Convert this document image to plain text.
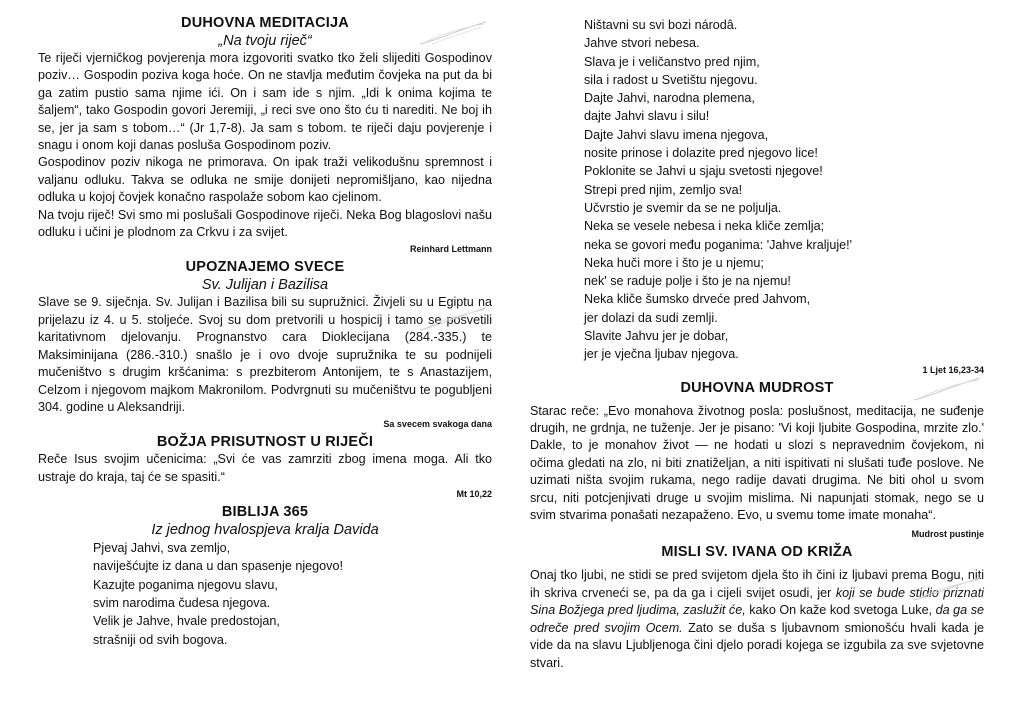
DUHOVNA MEDITACIJA

„Na tvoju riječ“

Te riječi vjerničkog povjerenja mora izgovoriti svatko tko želi slijediti Gospodinov poziv… Gospodin poziva koga hoće. On ne stavlja međutim čovjeka na put da bi ga zatim pustio sama njime ići. On i sam ide s njim. „Idi k onima kojima te šaljem“, tako Gospodin govori Jeremiji, „i reci sve ono što ću ti narediti. Ne boj ih se, jer ja sam s tobom…“ (Jr 1,7-8). Ja sam s tobom. te riječi daju povjerenje i snagu i onom koji danas posluša Gospodinom poziv.

Gospodinov poziv nikoga ne primorava. On ipak traži velikodušnu spremnost i valjanu odluku. Takva se odluka ne smije donijeti nepromišljano, kao nijedna odluka u kojoj čovjek konačno raspolaže sobom kao cjelinom.

Na tvoju riječ! Svi smo mi poslušali Gospodinove riječi. Neka Bog blagoslovi našu odluku i učini je plodnom za Crkvu i za svijet.

Reinhard Lettmann

UPOZNAJEMO SVECE

Sv. Julijan i Bazilisa

Slave se 9. siječnja. Sv. Julijan i Bazilisa bili su supružnici. Živjeli su u Egiptu na prijelazu iz 4. u 5. stoljeće. Svoj su dom pretvorili u hospicij i tamo se posvetili karitativnom djelovanju. Prognanstvo cara Dioklecijana (284.-335.) te Maksiminijana (286.-310.) snašlo je i ovo dvoje supružnika te su podnijeli mučeništvo s drugim kršćanima: s prezbiterom Antonijem, te s Anastazijem, Celzom i njegovom majkom Makronilom. Podvrgnuti su mučeništvu te pogubljeni 304. godine u Aleksandriji.

Sa svecem svakoga dana

BOŽJA PRISUTNOST U RIJEČI

Reče Isus svojim učenicima: „Svi će vas zamrziti zbog imena moga. Ali tko ustraje do kraja, taj će se spasiti.“

Mt 10,22

BIBLIJA 365

Iz jednog hvalospjeva kralja Davida

Pjevaj Jahvi, sva zemljo,
naviješćujte iz dana u dan spasenje njegovo!
Kazujte poganima njegovu slavu,
svim narodima čudesa njegova.
Velik je Jahve, hvale predostojan,
strašniji od svih bogova.
Ništavni su svi bozi národâ.
Jahve stvori nebesa.
Slava je i veličanstvo pred njim,
sila i radost u Svetištu njegovu.
Dajte Jahvi, narodna plemena,
dajte Jahvi slavu i silu!
Dajte Jahvi slavu imena njegova,
nosite prinose i dolazite pred njegovo lice!
Poklonite se Jahvi u sjaju svetosti njegove!
Strepi pred njim, zemljo sva!
Učvrstio je svemir da se ne poljulja.
Neka se vesele nebesa i neka kliče zemlja;
neka se govori među poganima: 'Jahve kraljuje!'
Neka huči more i što je u njemu;
nek' se raduje polje i što je na njemu!
Neka kliče šumsko drveće pred Jahvom,
jer dolazi da sudi zemlji.
Slavite Jahvu jer je dobar,
jer je vječna ljubav njegova.

1 Ljet 16,23-34

DUHOVNA MUDROST

Starac reče: „Evo monahova životnog posla: poslušnost, meditacija, ne suđenje drugih, ne grdnja, ne tuženje. Jer je pisano: 'Vi koji ljubite Gospodina, mrzite zlo.' Dakle, to je monahov život — ne hodati u slozi s nepravednim čovjekom, ni očima gledati na zlo, ni biti znatiželjan, a niti ispitivati ni slušati tuđe poslove. Ne uzimati ništa svojim rukama, nego radije davati drugima. Ne biti ohol u svom srcu, niti potcjenjivati druge u svojim mislima. Ni napunjati stomak, nego se u svim stvarima ponašati nezapaženo. Evo, u svemu tome imate monaha“.

Mudrost pustinje

MISLI SV. IVANA OD KRIŽA

Onaj tko ljubi, ne stidi se pred svijetom djela što ih čini iz ljubavi prema Bogu, niti ih skriva crveneći se, pa da ga i cijeli svijet osudi, jer koji se bude stidio priznati Sina Božjega pred ljudima, zaslužit će, kako On kaže kod svetoga Luke, da ga se odreče pred svojim Ocem. Zato se duša s ljubavnom smionošću hvali kada je vide da na slavu Ljubljenoga čini djelo poradi kojega se izgubila za sve svjetovne stvari.
